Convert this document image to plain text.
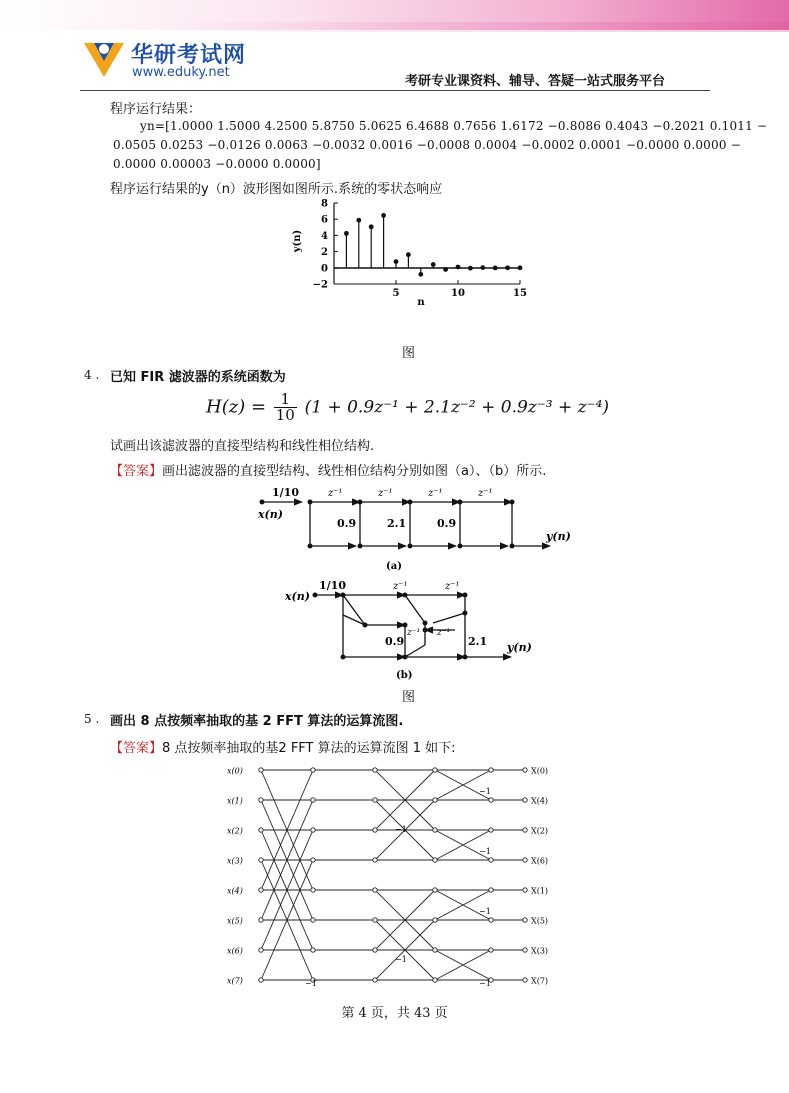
华研考试网
www.eduky.net
考研专业课资料、辅导、答疑一站式服务平台
程序运行结果：
yn=[1.0000 1.5000 4.2500 5.8750 5.0625 6.4688 0.7656 1.6172 −0.8086 0.4043 −0.2021 0.1011 −
0.0505 0.0253 −0.0126 0.0063 −0.0032 0.0016 −0.0008 0.0004 −0.0002 0.0001 −0.0000 0.0000 −
0.0000 0.00003 −0.0000 0.0000]
程序运行结果的y（n）波形图如图所示.系统的零状态响应
y(n)
8
6
4
2
0
−2
5	10	15
n
图
4 . 已知 FIR 滤波器的系统函数为
$H(z) = \frac{1}{10} (1 + 0.9z^{-1} + 2.1z^{-2} + 0.9z^{-3} + z^{-4})$
试画出该滤波器的直接型结构和线性相位结构.
【答案】画出滤波器的直接型结构、线性相位结构分别如图（a）、（b）所示.
x(n)
1/10	z⁻¹	z⁻¹	z⁻¹	z⁻¹
0.9	2.1	0.9
y(n)
(a)
x(n)
1/10	z⁻¹	z⁻¹
z⁻¹ z⁻¹
0.9	2.1 y(n)
(b)
图
5 . 画出 8 点按频率抽取的基 2 FFT 算法的运算流图.
【答案】8 点按频率抽取的基2 FFT 算法的运算流图 1 如下:
x(0)
x(1)
x(2)
x(3)
x(4)
x(5)
x(6)
x(7)
X(0)
X(4)
X(2)
X(6)
X(1)
X(5)
X(3)
X(7)
−1
−1
−1
−1
−1
−1
−1
第 4 页，共 43 页
